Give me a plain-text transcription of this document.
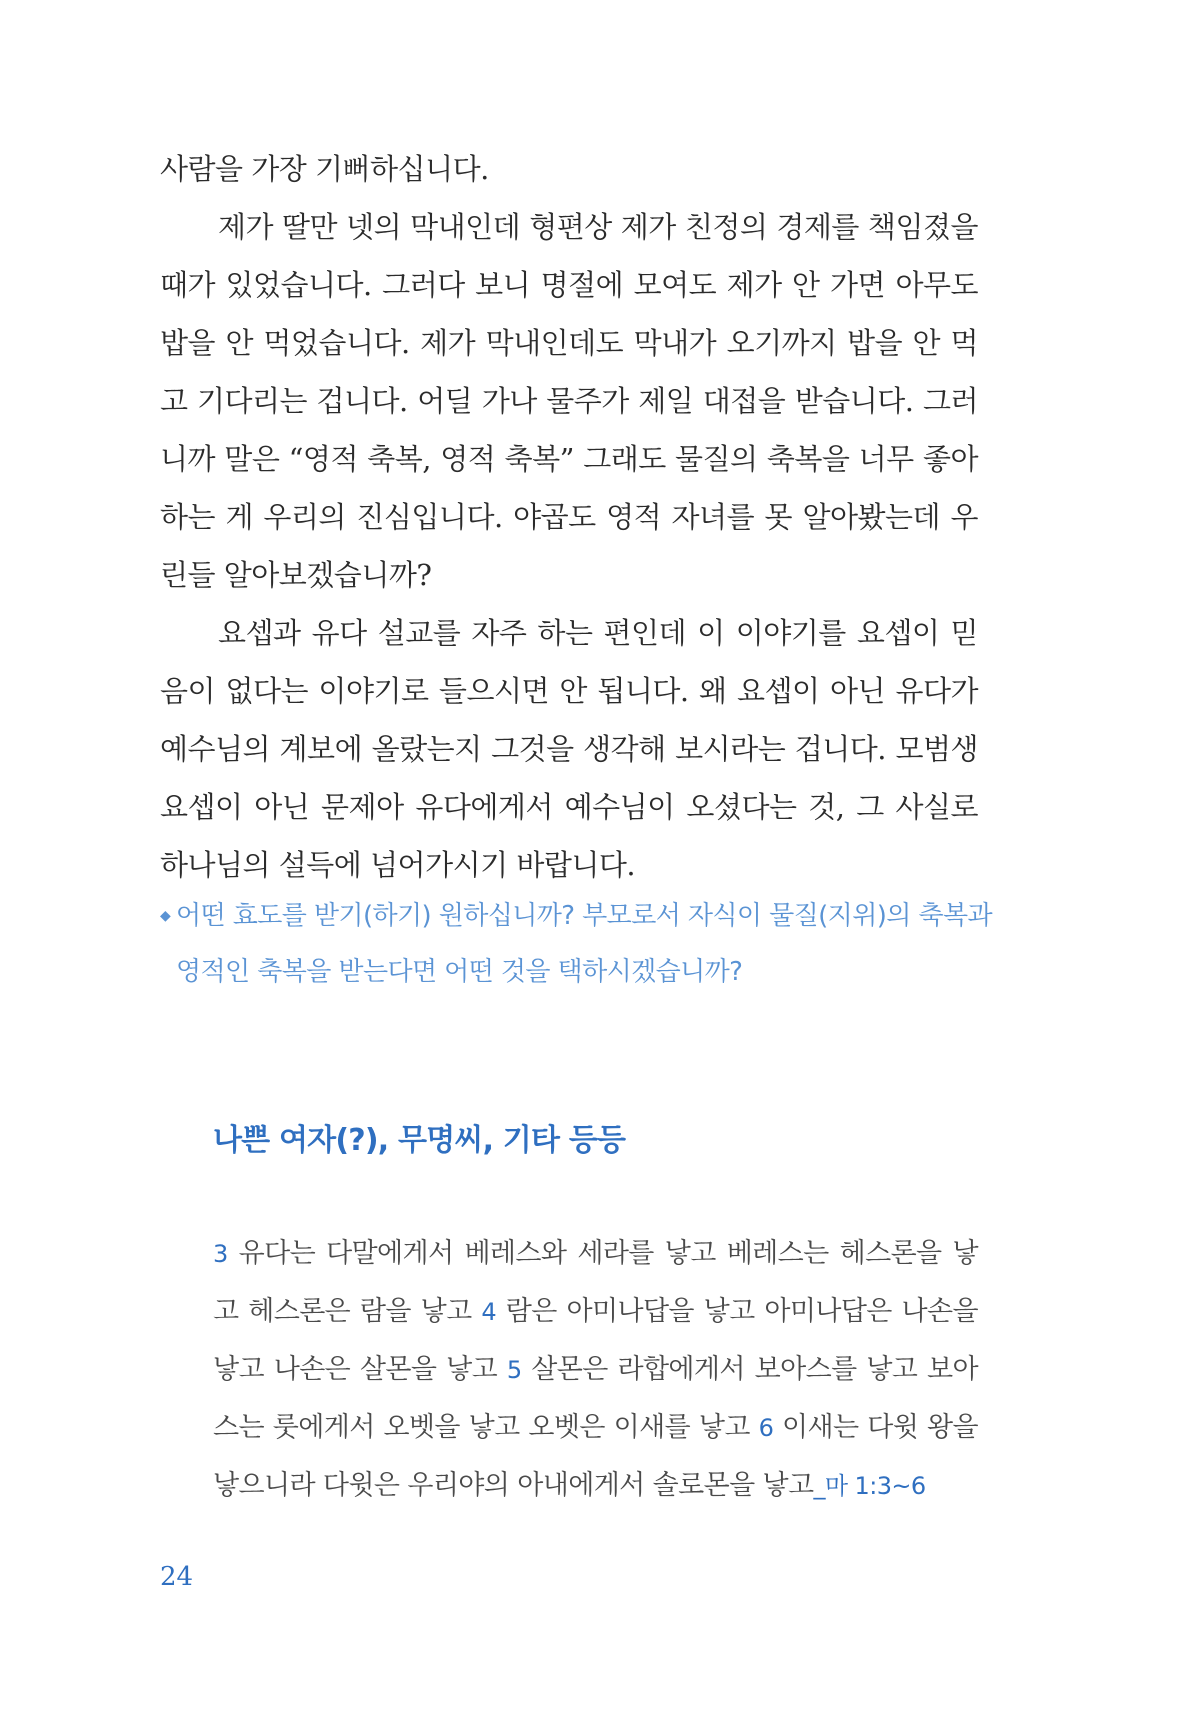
사람을 가장 기뻐하십니다.

제가 딸만 넷의 막내인데 형편상 제가 친정의 경제를 책임졌을 때가 있었습니다. 그러다 보니 명절에 모여도 제가 안 가면 아무도 밥을 안 먹었습니다. 제가 막내인데도 막내가 오기까지 밥을 안 먹고 기다리는 겁니다. 어딜 가나 물주가 제일 대접을 받습니다. 그러니까 말은 “영적 축복, 영적 축복” 그래도 물질의 축복을 너무 좋아하는 게 우리의 진심입니다. 야곱도 영적 자녀를 못 알아봤는데 우린들 알아보겠습니까?

요셉과 유다 설교를 자주 하는 편인데 이 이야기를 요셉이 믿음이 없다는 이야기로 들으시면 안 됩니다. 왜 요셉이 아닌 유다가 예수님의 계보에 올랐는지 그것을 생각해 보시라는 겁니다. 모범생 요셉이 아닌 문제아 유다에게서 예수님이 오셨다는 것, 그 사실로 하나님의 설득에 넘어가시기 바랍니다.

◆ 어떤 효도를 받기(하기) 원하십니까? 부모로서 자식이 물질(지위)의 축복과 영적인 축복을 받는다면 어떤 것을 택하시겠습니까?
나쁜 여자(?), 무명씨, 기타 등등
3 유다는 다말에게서 베레스와 세라를 낳고 베레스는 헤스론을 낳고 헤스론은 람을 낳고 4 람은 아미나답을 낳고 아미나답은 나손을 낳고 나손은 살몬을 낳고 5 살몬은 라합에게서 보아스를 낳고 보아스는 룻에게서 오벳을 낳고 오벳은 이새를 낳고 6 이새는 다윗 왕을 낳으니라 다윗은 우리야의 아내에게서 솔로몬을 낳고_마 1:3~6
24
